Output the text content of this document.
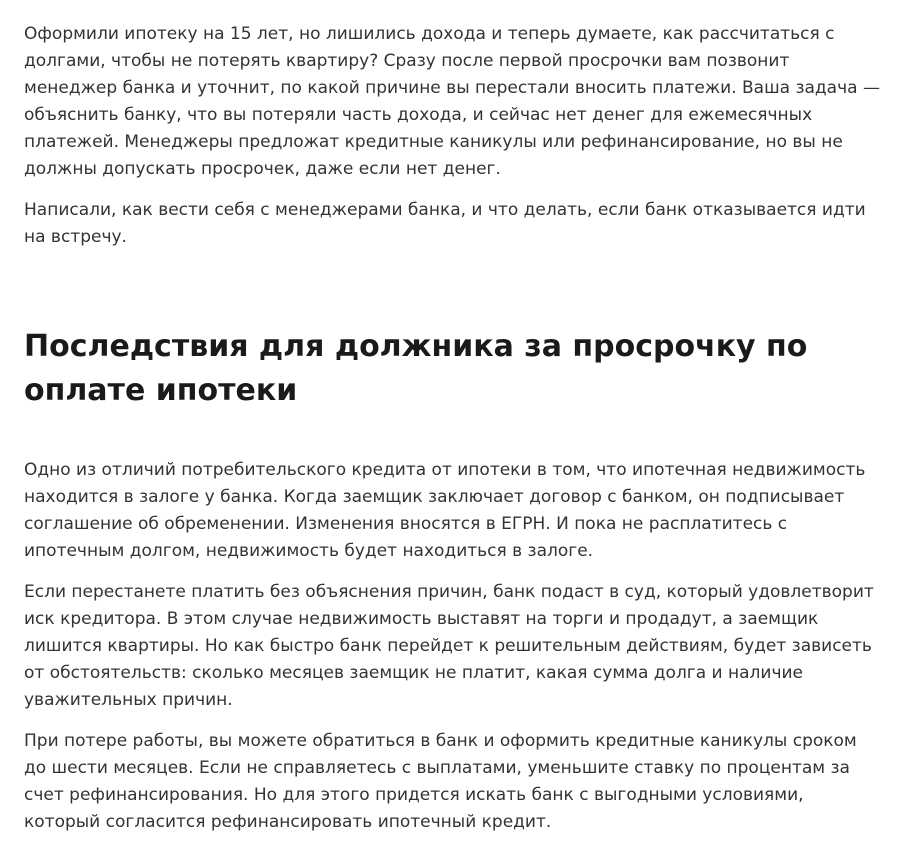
Оформили ипотеку на 15 лет, но лишились дохода и теперь думаете, как рассчитаться с долгами, чтобы не потерять квартиру? Сразу после первой просрочки вам позвонит менеджер банка и уточнит, по какой причине вы перестали вносить платежи. Ваша задача — объяснить банку, что вы потеряли часть дохода, и сейчас нет денег для ежемесячных платежей. Менеджеры предложат кредитные каникулы или рефинансирование, но вы не должны допускать просрочек, даже если нет денег.

Написали, как вести себя с менеджерами банка, и что делать, если банк отказывается идти на встречу.

Последствия для должника за просрочку по оплате ипотеки

Одно из отличий потребительского кредита от ипотеки в том, что ипотечная недвижимость находится в залоге у банка. Когда заемщик заключает договор с банком, он подписывает соглашение об обременении. Изменения вносятся в ЕГРН. И пока не расплатитесь с ипотечным долгом, недвижимость будет находиться в залоге.

Если перестанете платить без объяснения причин, банк подаст в суд, который удовлетворит иск кредитора. В этом случае недвижимость выставят на торги и продадут, а заемщик лишится квартиры. Но как быстро банк перейдет к решительным действиям, будет зависеть от обстоятельств: сколько месяцев заемщик не платит, какая сумма долга и наличие уважительных причин.

При потере работы, вы можете обратиться в банк и оформить кредитные каникулы сроком до шести месяцев. Если не справляетесь с выплатами, уменьшите ставку по процентам за счет рефинансирования. Но для этого придется искать банк с выгодными условиями, который согласится рефинансировать ипотечный кредит.
